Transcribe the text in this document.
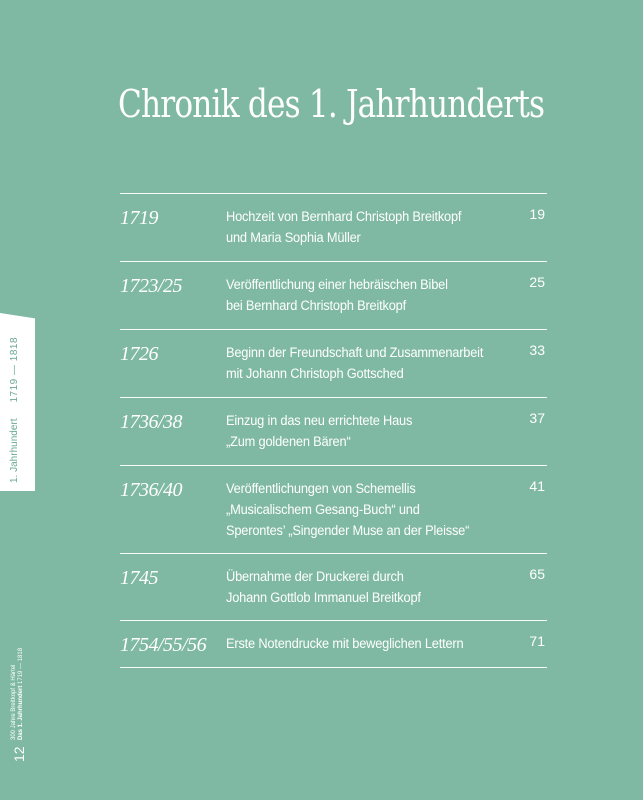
Chronik des 1. Jahrhunderts
1719	Hochzeit von Bernhard Christoph Breitkopf
und Maria Sophia Müller
19
1723/25	Veröffentlichung einer hebräischen Bibel
bei Bernhard Christoph Breitkopf
25
1726	Beginn der Freundschaft und Zusammenarbeit
mit Johann Christoph Gottsched
33
1736/38	Einzug in das neu errichtete Haus
„Zum goldenen Bären“
37
1736/40	Veröffentlichungen von Schemellis
„Musicalischem Gesang-Buch“ und
Sperontes’ „Singender Muse an der Pleisse“
41
1745	Übernahme der Druckerei durch
Johann Gottlob Immanuel Breitkopf
65
1754/55/56 Erste Notendrucke mit beweglichen Lettern	71
1. Jahrhundert
1719 — 1818
12
300 Jahre Breitkopf & Härtel Das 1. Jahrhundert 1719 — 1818
